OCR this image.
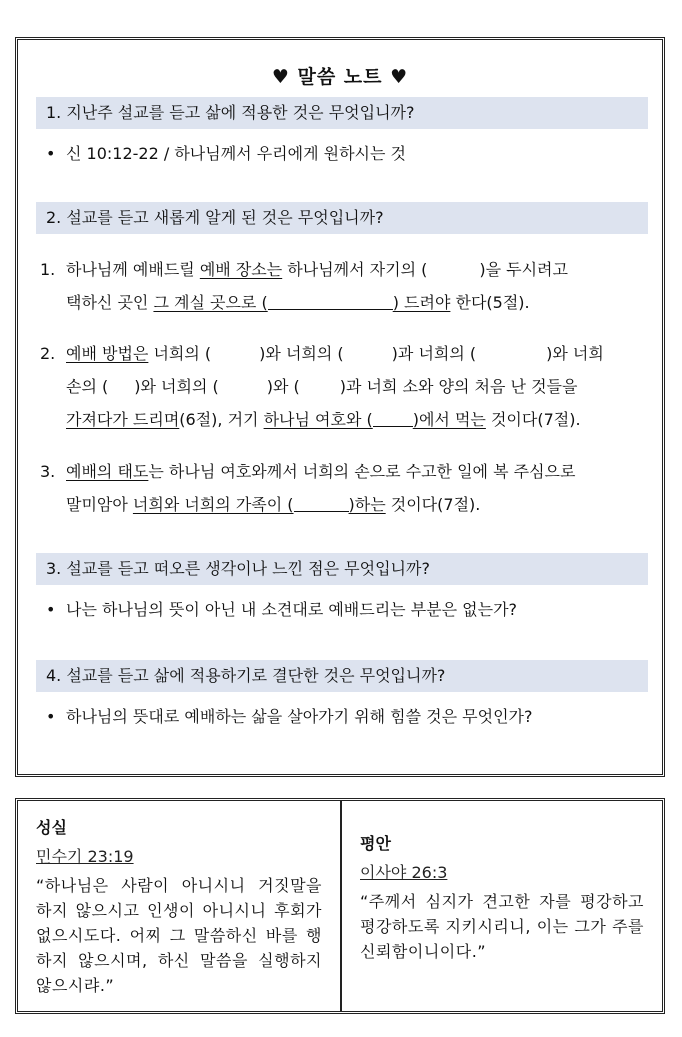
♥ 말씀 노트 ♥
1. 지난주 설교를 듣고 삶에 적용한 것은 무엇입니까?
• 신 10:12-22 / 하나님께서 우리에게 원하시는 것
2. 설교를 듣고 새롭게 알게 된 것은 무엇입니까?
1. 하나님께 예배드릴 예배 장소는 하나님께서 자기의 (	)을 두시려고
택하신 곳인 그 계실 곳으로 (	) 드려야 한다(5절).
2. 예배 방법은 너희의 (	)와 너희의 (	)과 너희의 (	)와 너희
손의 ( )와 너희의 (	)와 (	)과 너희 소와 양의 처음 난 것들을
가져다가 드리며(6절), 거기 하나님 여호와 (	)에서 먹는 것이다(7절).
3. 예배의 태도는 하나님 여호와께서 너희의 손으로 수고한 일에 복 주심으로
말미암아 너희와 너희의 가족이 (	)하는 것이다(7절).
3. 설교를 듣고 떠오른 생각이나 느낀 점은 무엇입니까?
• 나는 하나님의 뜻이 아닌 내 소견대로 예배드리는 부분은 없는가?
4. 설교를 듣고 삶에 적용하기로 결단한 것은 무엇입니까?
• 하나님의 뜻대로 예배하는 삶을 살아가기 위해 힘쓸 것은 무엇인가?
성실
민수기 23:19
“하나님은 사람이 아니시니 거짓말을 하지 않으시고 인생이 아니시니 후회가 없으시도다. 어찌 그 말씀하신 바를 행하지 않으시며, 하신 말씀을 실행하지 않으시랴.”
평안
이사야 26:3
“주께서 심지가 견고한 자를 평강하고 평강하도록 지키시리니, 이는 그가 주를 신뢰함이니이다.”
